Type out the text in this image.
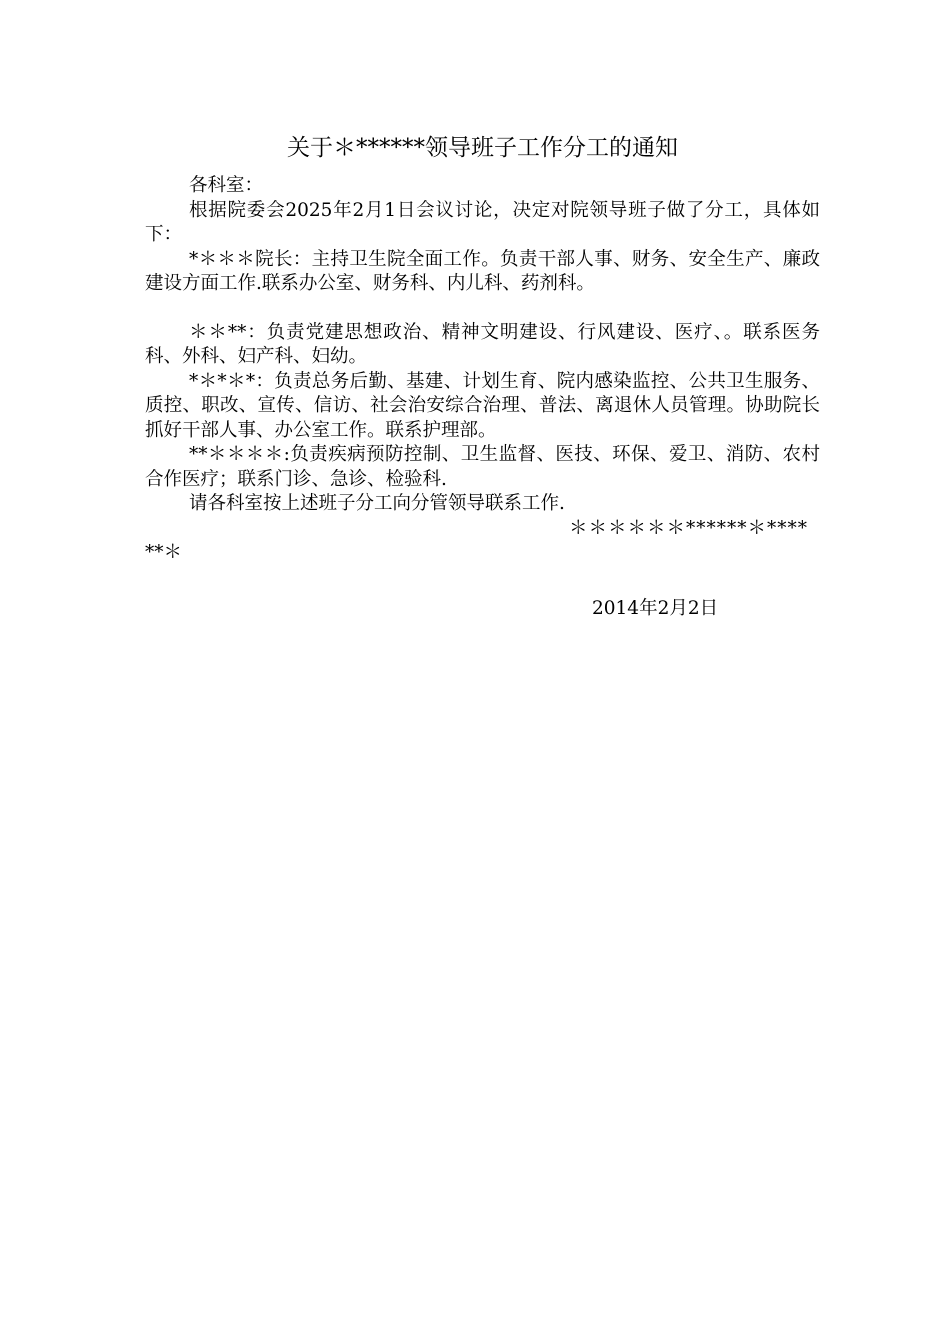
关于＊******领导班子工作分工的通知

各科室：

根据院委会2025年2月1日会议讨论，决定对院领导班子做了分工，具体如下：

*＊＊＊院长：主持卫生院全面工作。负责干部人事、财务、安全生产、廉政建设方面工作.联系办公室、财务科、内儿科、药剂科。

＊＊**：负责党建思想政治、精神文明建设、行风建设、医疗、。联系医务科、外科、妇产科、妇幼。

*＊*＊*：负责总务后勤、基建、计划生育、院内感染监控、公共卫生服务、质控、职改、宣传、信访、社会治安综合治理、普法、离退休人员管理。协助院长抓好干部人事、办公室工作。联系护理部。

**＊＊＊＊:负责疾病预防控制、卫生监督、医技、环保、爱卫、消防、农村合作医疗；联系门诊、急诊、检验科.

请各科室按上述班子分工向分管领导联系工作.

＊＊＊＊＊＊******＊****

**＊

2014年2月2日
